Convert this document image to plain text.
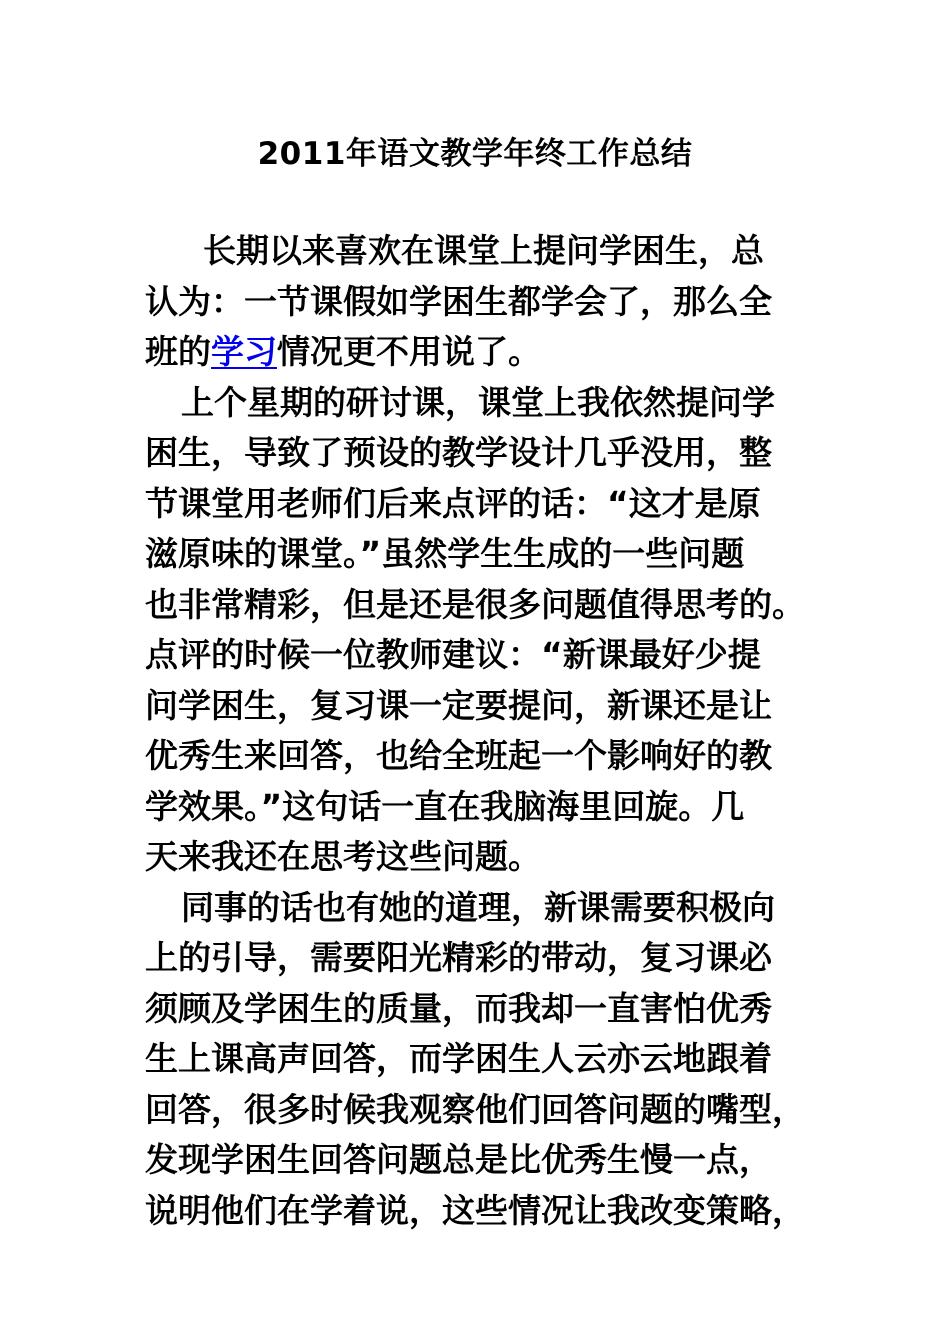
2011年语文教学年终工作总结
长期以来喜欢在课堂上提问学困生，总
认为：一节课假如学困生都学会了，那么全
班的学习情况更不用说了。
上个星期的研讨课，课堂上我依然提问学
困生，导致了预设的教学设计几乎没用，整
节课堂用老师们后来点评的话：“这才是原
滋原味的课堂。”虽然学生生成的一些问题
也非常精彩，但是还是很多问题值得思考的。
点评的时候一位教师建议：“新课最好少提
问学困生，复习课一定要提问，新课还是让
优秀生来回答，也给全班起一个影响好的教
学效果。”这句话一直在我脑海里回旋。几
天来我还在思考这些问题。
同事的话也有她的道理，新课需要积极向
上的引导，需要阳光精彩的带动，复习课必
须顾及学困生的质量，而我却一直害怕优秀
生上课高声回答，而学困生人云亦云地跟着
回答，很多时候我观察他们回答问题的嘴型，
发现学困生回答问题总是比优秀生慢一点，
说明他们在学着说，这些情况让我改变策略，
